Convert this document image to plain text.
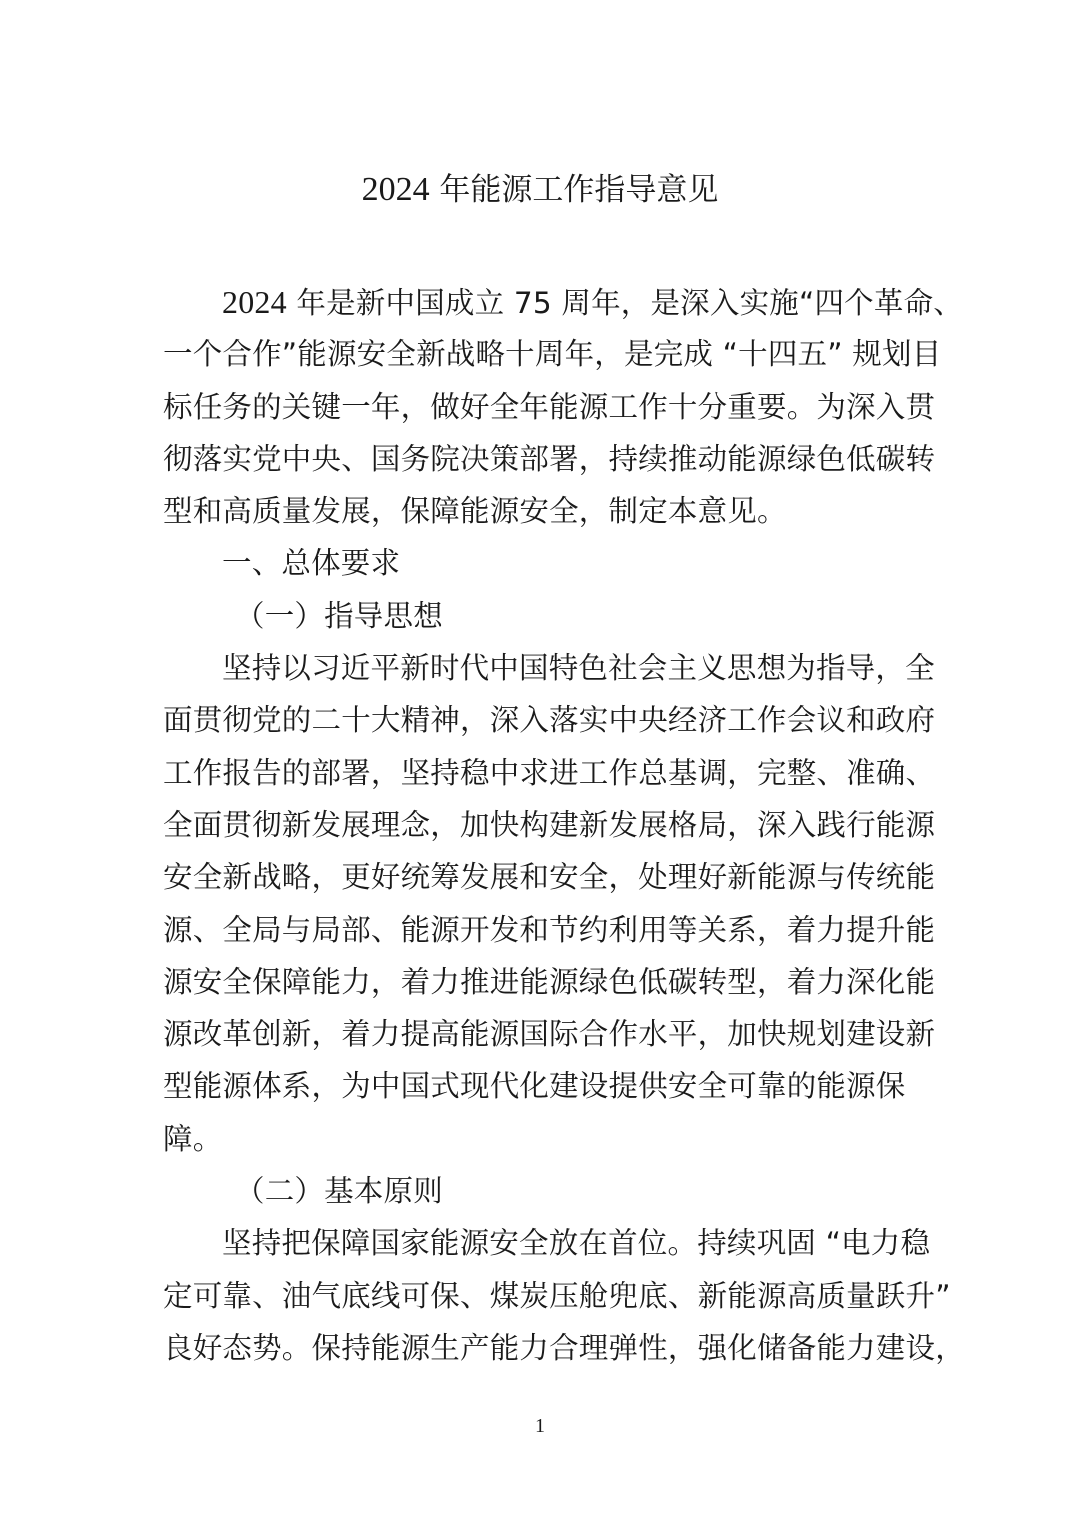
2024 年能源工作指导意见
2024 年是新中国成立 75 周年，是深入实施“四个革命、
一个合作”能源安全新战略十周年，是完成 “十四五” 规划目
标任务的关键一年，做好全年能源工作十分重要。为深入贯
彻落实党中央、国务院决策部署，持续推动能源绿色低碳转
型和高质量发展，保障能源安全，制定本意见。
一、总体要求
（一）指导思想
坚持以习近平新时代中国特色社会主义思想为指导，全
面贯彻党的二十大精神，深入落实中央经济工作会议和政府
工作报告的部署，坚持稳中求进工作总基调，完整、准确、
全面贯彻新发展理念，加快构建新发展格局，深入践行能源
安全新战略，更好统筹发展和安全，处理好新能源与传统能
源、全局与局部、能源开发和节约利用等关系，着力提升能
源安全保障能力，着力推进能源绿色低碳转型，着力深化能
源改革创新，着力提高能源国际合作水平，加快规划建设新
型能源体系，为中国式现代化建设提供安全可靠的能源保
障。
（二）基本原则
坚持把保障国家能源安全放在首位。持续巩固 “电力稳
定可靠、油气底线可保、煤炭压舱兜底、新能源高质量跃升”
良好态势。保持能源生产能力合理弹性，强化储备能力建设，
1
